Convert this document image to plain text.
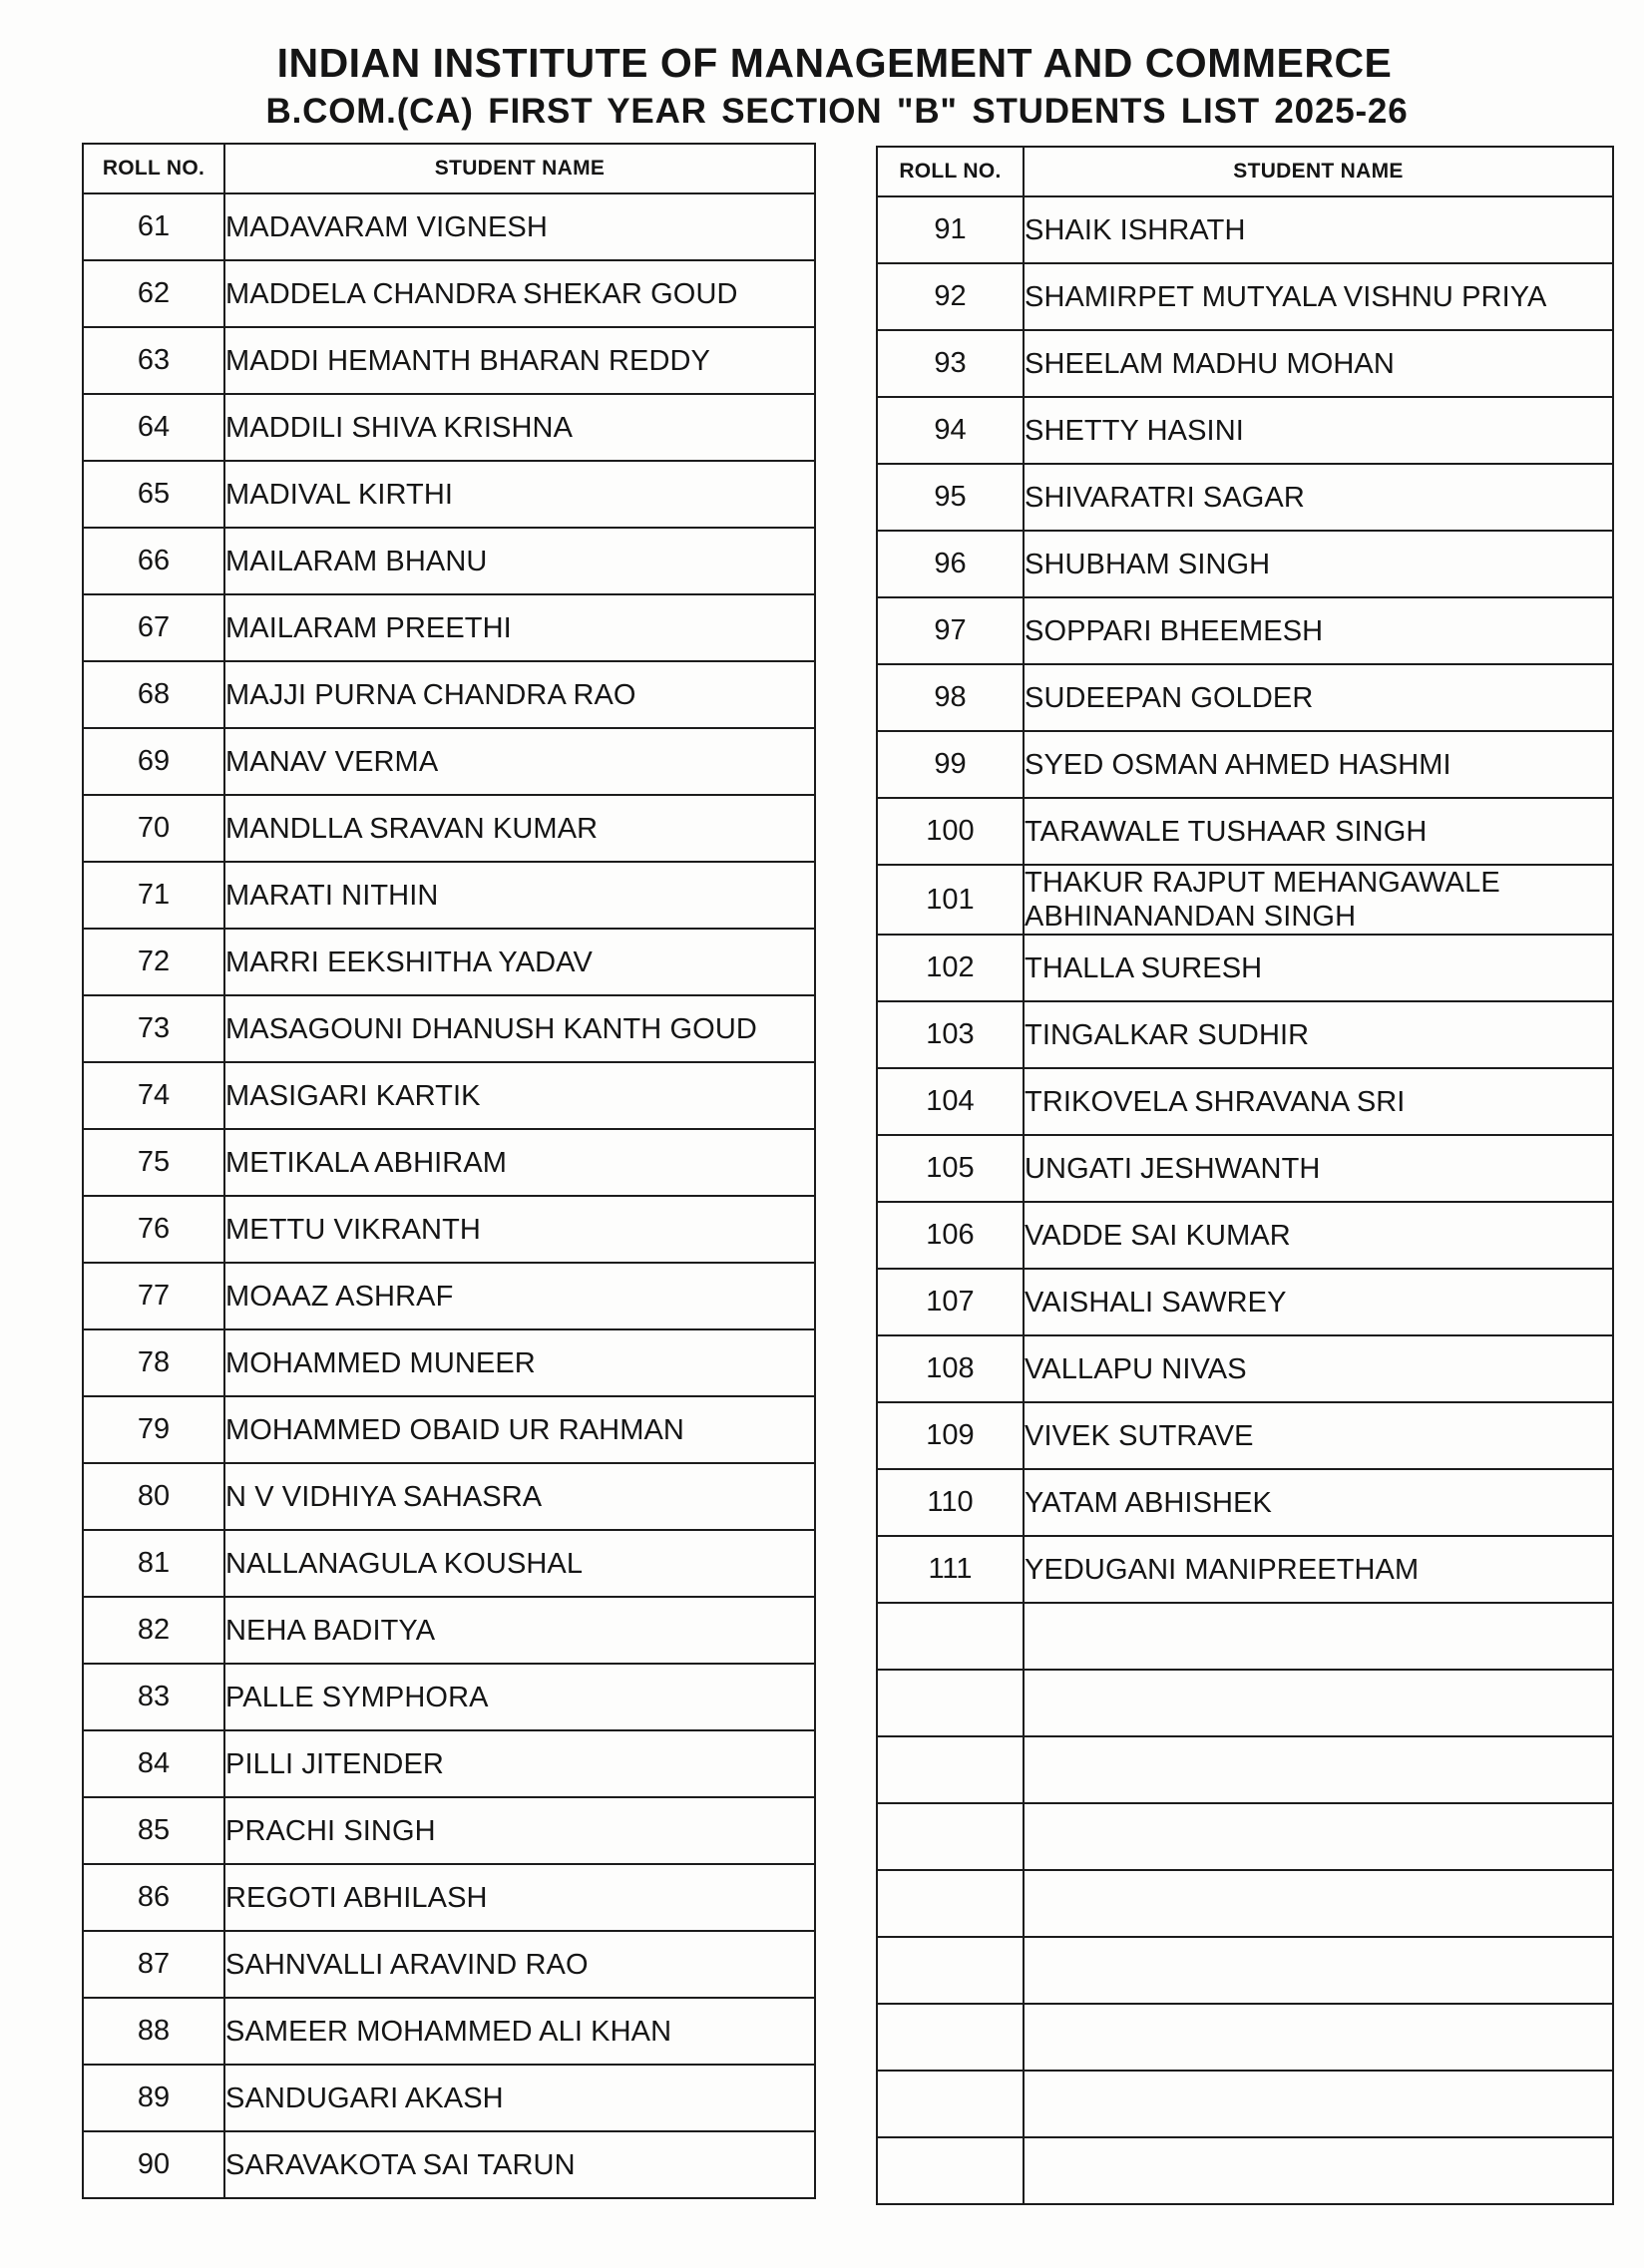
INDIAN INSTITUTE OF MANAGEMENT AND COMMERCE
B.COM.(CA) FIRST YEAR SECTION "B" STUDENTS LIST 2025-26
ROLL NO.	STUDENT NAME
61	MADAVARAM VIGNESH
62	MADDELA CHANDRA SHEKAR GOUD
63	MADDI HEMANTH BHARAN REDDY
64	MADDILI SHIVA KRISHNA
65	MADIVAL KIRTHI
66	MAILARAM BHANU
67	MAILARAM PREETHI
68	MAJJI PURNA CHANDRA RAO
69	MANAV VERMA
70	MANDLLA SRAVAN KUMAR
71	MARATI NITHIN
72	MARRI EEKSHITHA YADAV
73	MASAGOUNI DHANUSH KANTH GOUD
74	MASIGARI KARTIK
75	METIKALA ABHIRAM
76	METTU VIKRANTH
77	MOAAZ ASHRAF
78	MOHAMMED MUNEER
79	MOHAMMED OBAID UR RAHMAN
80	N V VIDHIYA SAHASRA
81	NALLANAGULA KOUSHAL
82	NEHA BADITYA
83	PALLE SYMPHORA
84	PILLI JITENDER
85	PRACHI SINGH
86	REGOTI ABHILASH
87	SAHNVALLI ARAVIND RAO
88	SAMEER MOHAMMED ALI KHAN
89	SANDUGARI AKASH
90	SARAVAKOTA SAI TARUN
ROLL NO.	STUDENT NAME
91	SHAIK ISHRATH
92	SHAMIRPET MUTYALA VISHNU PRIYA
93	SHEELAM MADHU MOHAN
94	SHETTY HASINI
95	SHIVARATRI SAGAR
96	SHUBHAM SINGH
97	SOPPARI BHEEMESH
98	SUDEEPAN GOLDER
99	SYED OSMAN AHMED HASHMI
100	TARAWALE TUSHAAR SINGH
101	THAKUR RAJPUT MEHANGAWALE ABHINANANDAN SINGH
102	THALLA SURESH
103	TINGALKAR SUDHIR
104	TRIKOVELA SHRAVANA SRI
105	UNGATI JESHWANTH
106	VADDE SAI KUMAR
107	VAISHALI SAWREY
108	VALLAPU NIVAS
109	VIVEK SUTRAVE
110	YATAM ABHISHEK
111	YEDUGANI MANIPREETHAM
